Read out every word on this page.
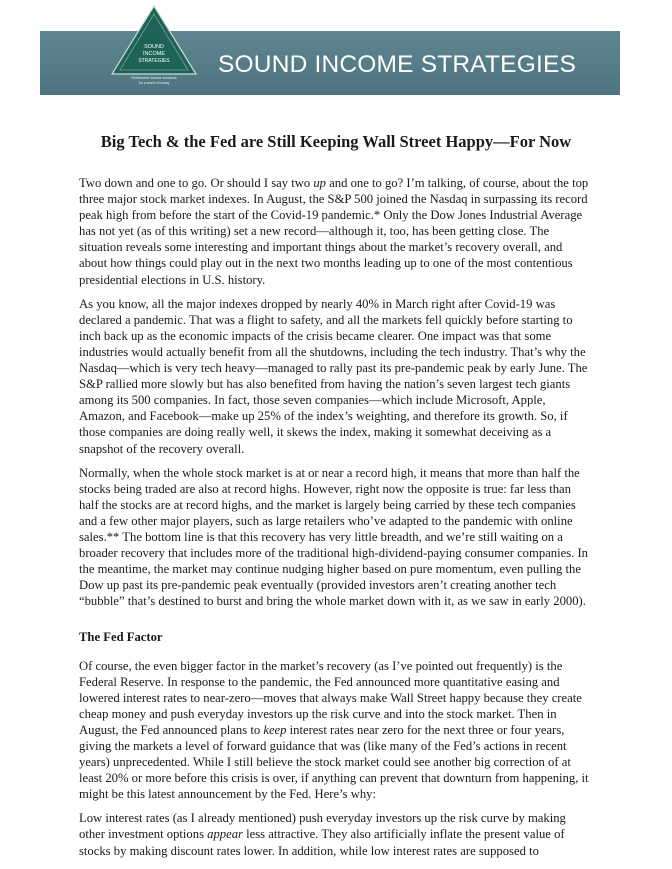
SOUND
INCOME
STRATEGIES
Retirement income solutions
for a world of today
SOUND INCOME STRATEGIES
Big Tech & the Fed are Still Keeping Wall Street Happy—For Now

Two down and one to go. Or should I say two up and one to go? I’m talking, of course, about the top three major stock market indexes. In August, the S&P 500 joined the Nasdaq in surpassing its record peak high from before the start of the Covid-19 pandemic.* Only the Dow Jones Industrial Average has not yet (as of this writing) set a new record—although it, too, has been getting close. The situation reveals some interesting and important things about the market’s recovery overall, and about how things could play out in the next two months leading up to one of the most contentious presidential elections in U.S. history.

As you know, all the major indexes dropped by nearly 40% in March right after Covid-19 was declared a pandemic. That was a flight to safety, and all the markets fell quickly before starting to inch back up as the economic impacts of the crisis became clearer. One impact was that some industries would actually benefit from all the shutdowns, including the tech industry. That’s why the Nasdaq—which is very tech heavy—managed to rally past its pre-pandemic peak by early June. The S&P rallied more slowly but has also benefited from having the nation’s seven largest tech giants among its 500 companies. In fact, those seven companies—which include Microsoft, Apple, Amazon, and Facebook—make up 25% of the index’s weighting, and therefore its growth. So, if those companies are doing really well, it skews the index, making it somewhat deceiving as a snapshot of the recovery overall.

Normally, when the whole stock market is at or near a record high, it means that more than half the stocks being traded are also at record highs. However, right now the opposite is true: far less than half the stocks are at record highs, and the market is largely being carried by these tech companies and a few other major players, such as large retailers who’ve adapted to the pandemic with online sales.** The bottom line is that this recovery has very little breadth, and we’re still waiting on a broader recovery that includes more of the traditional high-dividend-paying consumer companies. In the meantime, the market may continue nudging higher based on pure momentum, even pulling the Dow up past its pre-pandemic peak eventually (provided investors aren’t creating another tech “bubble” that’s destined to burst and bring the whole market down with it, as we saw in early 2000).

The Fed Factor

Of course, the even bigger factor in the market’s recovery (as I’ve pointed out frequently) is the Federal Reserve. In response to the pandemic, the Fed announced more quantitative easing and lowered interest rates to near-zero—moves that always make Wall Street happy because they create cheap money and push everyday investors up the risk curve and into the stock market. Then in August, the Fed announced plans to keep interest rates near zero for the next three or four years, giving the markets a level of forward guidance that was (like many of the Fed’s actions in recent years) unprecedented. While I still believe the stock market could see another big correction of at least 20% or more before this crisis is over, if anything can prevent that downturn from happening, it might be this latest announcement by the Fed. Here’s why:

Low interest rates (as I already mentioned) push everyday investors up the risk curve by making other investment options appear less attractive. They also artificially inflate the present value of stocks by making discount rates lower. In addition, while low interest rates are supposed to
